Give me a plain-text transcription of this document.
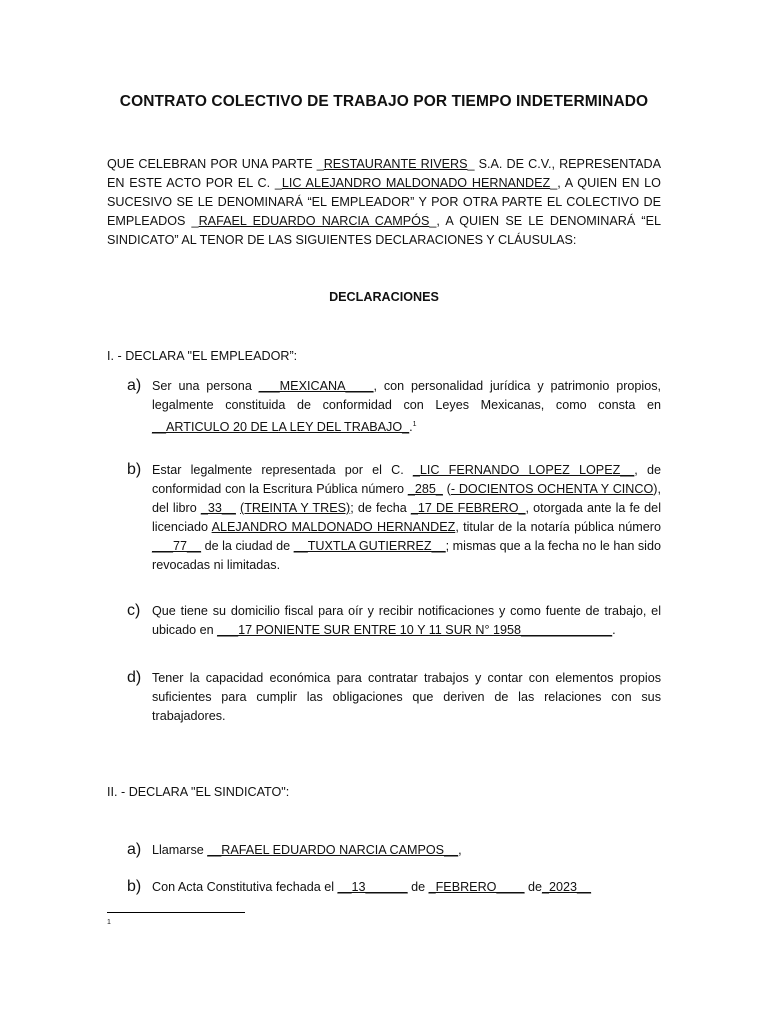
CONTRATO COLECTIVO DE TRABAJO POR TIEMPO INDETERMINADO
QUE CELEBRAN POR UNA PARTE _RESTAURANTE RIVERS_ S.A. DE C.V., REPRESENTADA EN ESTE ACTO POR EL C. _LIC ALEJANDRO MALDONADO HERNANDEZ_, A QUIEN EN LO SUCESIVO SE LE DENOMINARÁ “EL EMPLEADOR” Y POR OTRA PARTE EL COLECTIVO DE EMPLEADOS _RAFAEL EDUARDO NARCIA CAMPÓS_, A QUIEN SE LE DENOMINARÁ “EL SINDICATO” AL TENOR DE LAS SIGUIENTES DECLARACIONES Y CLÁUSULAS:
DECLARACIONES
I. - DECLARA "EL EMPLEADOR”:
a) Ser una persona ___MEXICANA____, con personalidad jurídica y patrimonio propios, legalmente constituida de conformidad con Leyes Mexicanas, como consta en __ARTICULO 20 DE LA LEY DEL TRABAJO_.$^1$
b) Estar legalmente representada por el C. _LIC FERNANDO LOPEZ LOPEZ__, de conformidad con la Escritura Pública número _285_ (- DOCIENTOS OCHENTA Y CINCO), del libro _33__ (TREINTA Y TRES); de fecha _17 DE FEBRERO_, otorgada ante la fe del licenciado ALEJANDRO MALDONADO HERNANDEZ, titular de la notaría pública número ___77__ de la ciudad de __TUXTLA GUTIERREZ__; mismas que a la fecha no le han sido revocadas ni limitadas.
c) Que tiene su domicilio fiscal para oír y recibir notificaciones y como fuente de trabajo, el ubicado en ___17 PONIENTE SUR ENTRE 10 Y 11 SUR N° 1958_____________.
d) Tener la capacidad económica para contratar trabajos y contar con elementos propios suficientes para cumplir las obligaciones que deriven de las relaciones con sus trabajadores.
II. - DECLARA "EL SINDICATO":
a) Llamarse __RAFAEL EDUARDO NARCIA CAMPOS__,
b) Con Acta Constitutiva fechada el __13______ de _FEBRERO____ de_2023__
1
